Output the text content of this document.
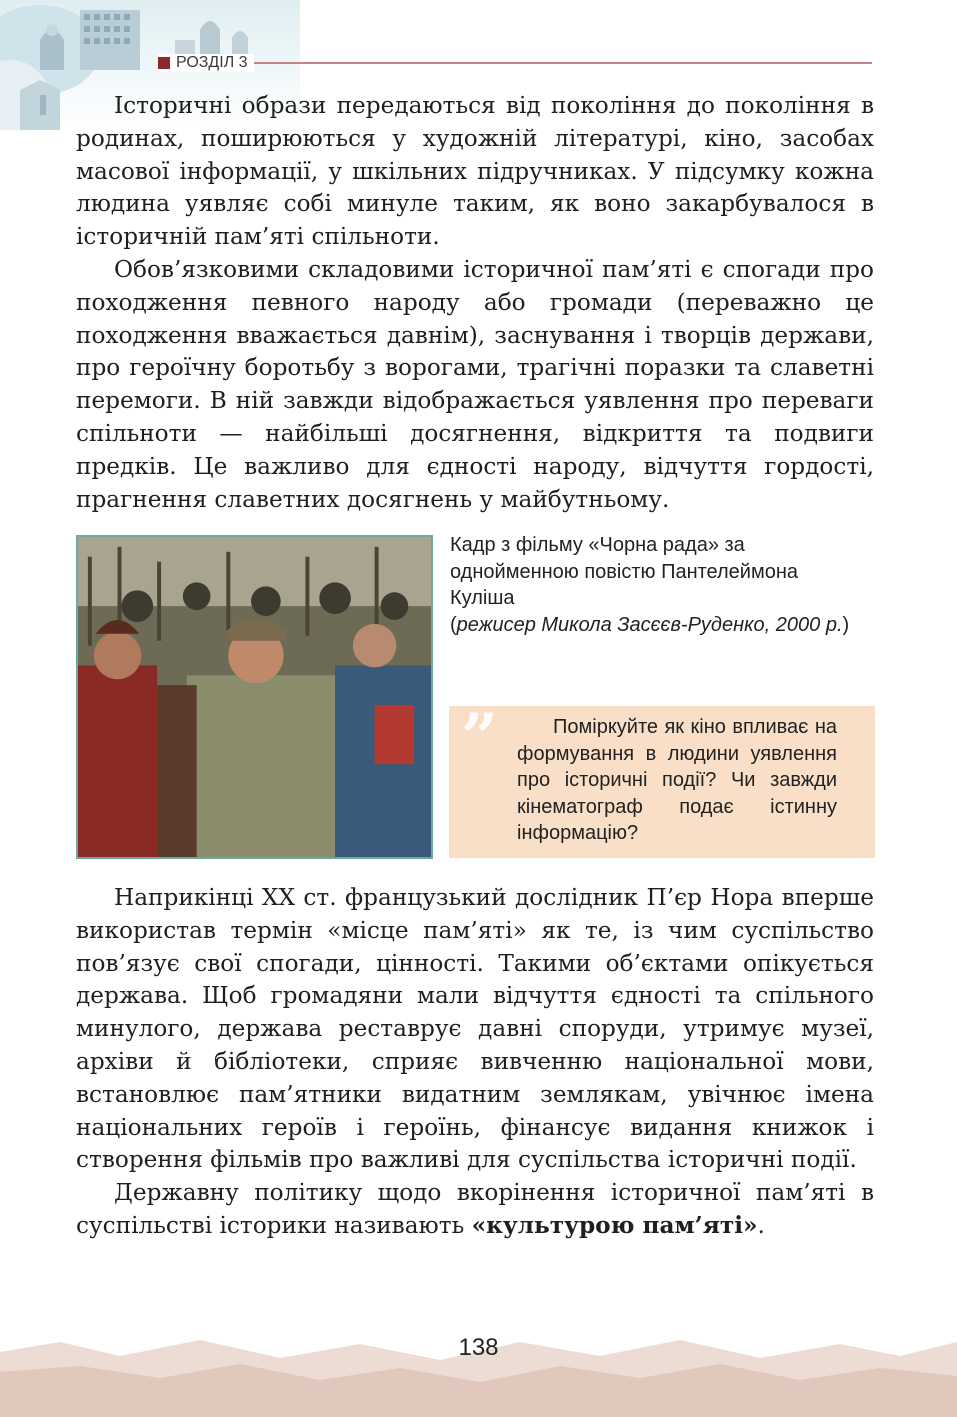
РОЗДІЛ 3

Історичні образи передаються від покоління до покоління в родинах, поширюються у художній літературі, кіно, засобах масової інформації, у шкільних підручниках. У підсумку кожна людина уявляє собі минуле таким, як воно закарбувалося в історичній пам’яті спільноти.

Обов’язковими складовими історичної пам’яті є спогади про походження певного народу або громади (переважно це походження вважається давнім), заснування і творців держави, про героїчну боротьбу з ворогами, трагічні поразки та славетні перемоги. В ній завжди відображається уявлення про переваги спільноти — найбільші досягнення, відкриття та подвиги предків. Це важливо для єдності народу, відчуття гордості, прагнення славетних досягнень у майбутньому.

Кадр з фільму «Чорна рада» за однойменною повістю Пантелеймона Куліша
(режисер Микола Засєєв-Руденко, 2000 р.)
”	Поміркуйте як кіно впливає на формування в людини уявлення про історичні події? Чи завжди кінематограф подає істинну інформацію?	”

Наприкінці XX ст. французький дослідник П’єр Нора вперше використав термін «місце пам’яті» як те, із чим суспільство пов’язує свої спогади, цінності. Такими об’єктами опікується держава. Щоб громадяни мали відчуття єдності та спільного минулого, держава реставрує давні споруди, утримує музеї, архіви й бібліотеки, сприяє вивченню національної мови, встановлює пам’ятники видатним землякам, увічнює імена національних героїв і героїнь, фінансує видання книжок і створення фільмів про важливі для суспільства історичні події.

Державну політику щодо вкорінення історичної пам’яті в суспільстві історики називають «культурою пам’яті».

138
